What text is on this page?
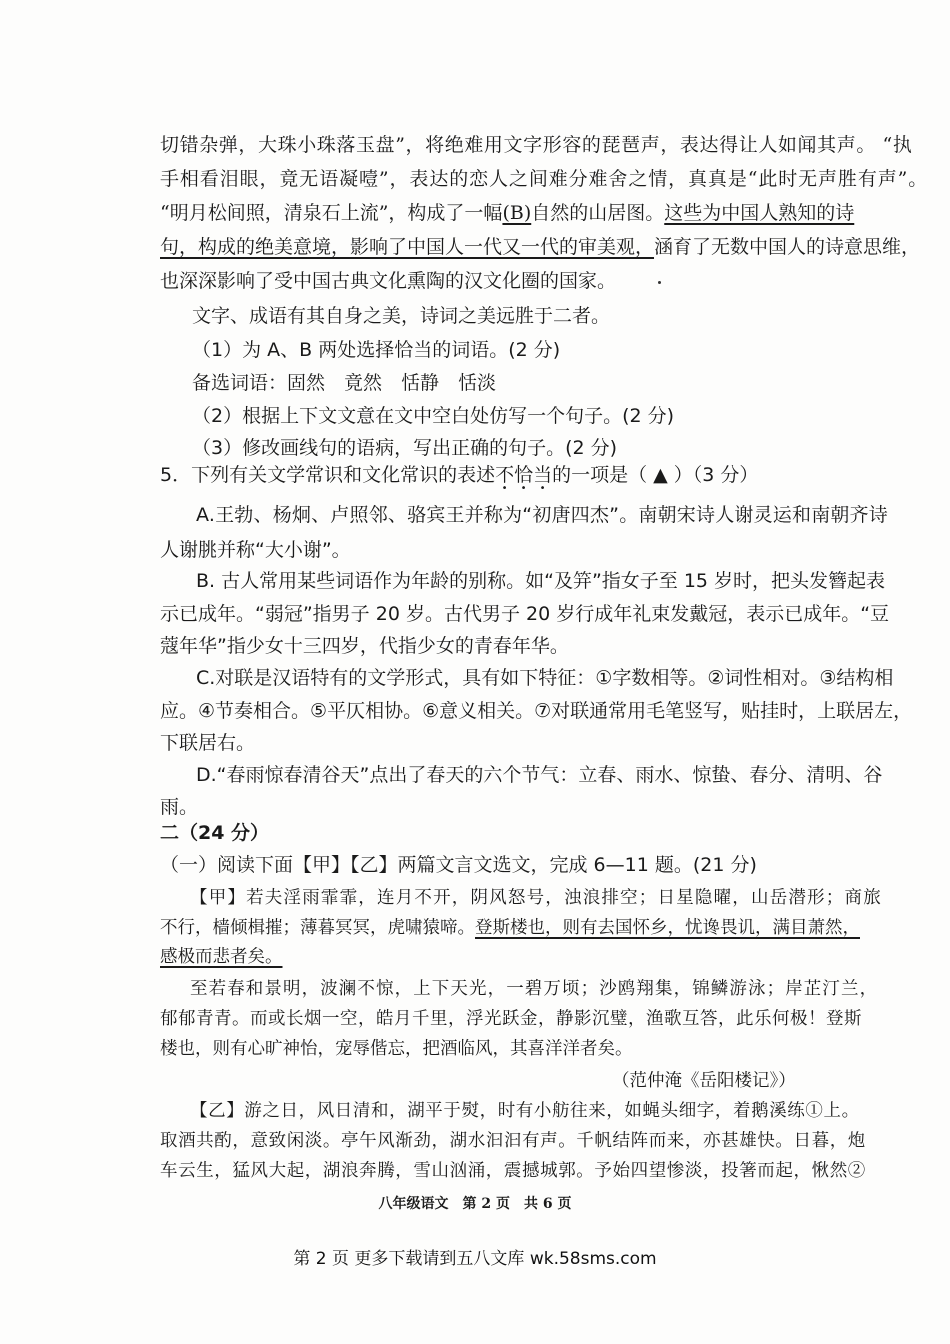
切错杂弹，大珠小珠落玉盘”，将绝难用文字形容的琵琶声，表达得让人如闻其声。 “执
手相看泪眼，竟无语凝噎”，表达的恋人之间难分难舍之情，真真是“此时无声胜有声”。
“明月松间照，清泉石上流”，构成了一幅(B)自然的山居图。这些为中国人熟知的诗
句，构成的绝美意境，影响了中国人一代又一代的审美观，涵育了无数中国人的诗意思维，
也深深影响了受中国古典文化熏陶的汉文化圈的国家。
文字、成语有其自身之美，诗词之美远胜于二者。
（1）为 A、B 两处选择恰当的词语。(2 分)
备选词语：固然　竟然　恬静　恬淡
（2）根据上下文文意在文中空白处仿写一个句子。(2 分)
（3）修改画线句的语病，写出正确的句子。(2 分)
5．下列有关文学常识和文化常识的表述不恰当的一项是（ ▲ ）（3 分）
A.王勃、杨炯、卢照邻、骆宾王并称为“初唐四杰”。南朝宋诗人谢灵运和南朝齐诗
人谢朓并称“大小谢”。
B. 古人常用某些词语作为年龄的别称。如“及笄”指女子至 15 岁时，把头发簪起表
示已成年。“弱冠”指男子 20 岁。古代男子 20 岁行成年礼束发戴冠，表示已成年。“豆
蔻年华”指少女十三四岁，代指少女的青春年华。
C.对联是汉语特有的文学形式，具有如下特征：①字数相等。②词性相对。③结构相
应。④节奏相合。⑤平仄相协。⑥意义相关。⑦对联通常用毛笔竖写，贴挂时，上联居左，
下联居右。
D.“春雨惊春清谷天”点出了春天的六个节气：立春、雨水、惊蛰、春分、清明、谷
雨。
二（24 分）
（一）阅读下面【甲】【乙】两篇文言文选文，完成 6—11 题。(21 分)
【甲】若夫淫雨霏霏，连月不开，阴风怒号，浊浪排空；日星隐曜，山岳潜形；商旅
不行，樯倾楫摧；薄暮冥冥，虎啸猿啼。登斯楼也，则有去国怀乡，忧谗畏讥，满目萧然，
感极而悲者矣。
至若春和景明，波澜不惊，上下天光，一碧万顷；沙鸥翔集，锦鳞游泳；岸芷汀兰，
郁郁青青。而或长烟一空，皓月千里，浮光跃金，静影沉璧，渔歌互答，此乐何极！登斯
楼也，则有心旷神怡，宠辱偕忘，把酒临风，其喜洋洋者矣。
（范仲淹《岳阳楼记》）
【乙】游之日，风日清和，湖平于熨，时有小舫往来，如蝇头细字，着鹅溪练①上。
取酒共酌，意致闲淡。亭午风渐劲，湖水汩汩有声。千帆结阵而来，亦甚雄快。日暮，炮
车云生，猛风大起，湖浪奔腾，雪山汹涌，震撼城郭。予始四望惨淡，投箸而起，愀然②
八年级语文　第 2 页　共 6 页
第 2 页 更多下载请到五八文库 wk.58sms.com
